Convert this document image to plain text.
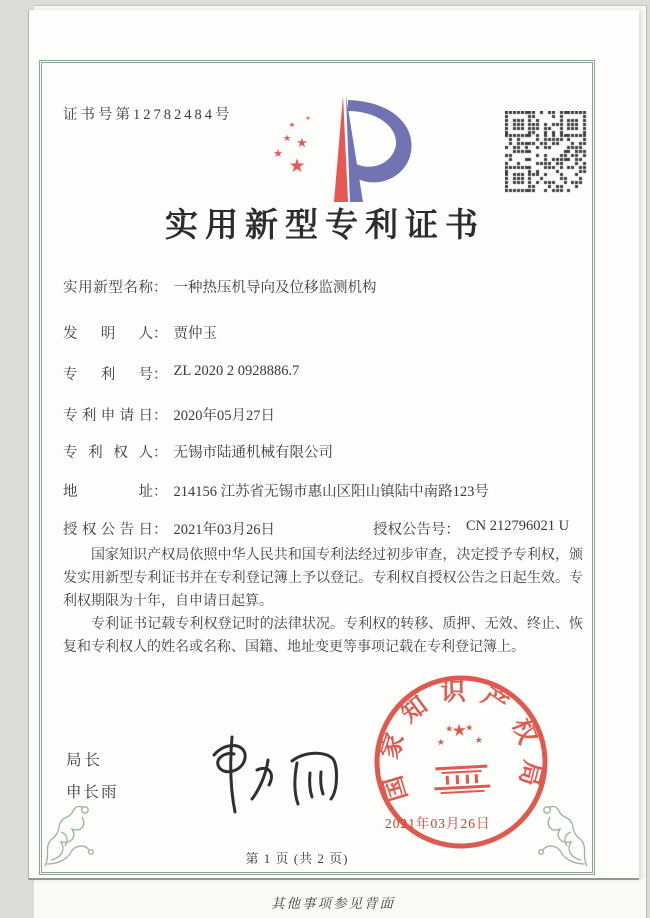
其他事项参见背面
证书号第12782484号
★
★
★
★
★
★
实用新型专利证书
实用新型名称 ： 一种热压机导向及位移监测机构
发明人 ： 贾仲玉
专利号 ： ZL 2020 2 0928886.7
专利申请日 ： 2020年05月27日
专利权人 ： 无锡市陆通机械有限公司
地址 ： 214156 江苏省无锡市惠山区阳山镇陆中南路123号
授权公告日 ： 2021年03月26日	授权公告号 ： CN 212796021 U

国家知识产权局依照中华人民共和国专利法经过初步审查，决定授予专利权，颁发实用新型专利证书并在专利登记簿上予以登记。专利权自授权公告之日起生效。专利权期限为十年，自申请日起算。

专利证书记载专利权登记时的法律状况。专利权的转移、质押、无效、终止、恢复和专利权人的姓名或名称、国籍、地址变更等事项记载在专利登记簿上。

局长
申长雨	国家知识产权局
★
★
★ ★
★
2021年03月26日
第 1 页 (共 2 页)
